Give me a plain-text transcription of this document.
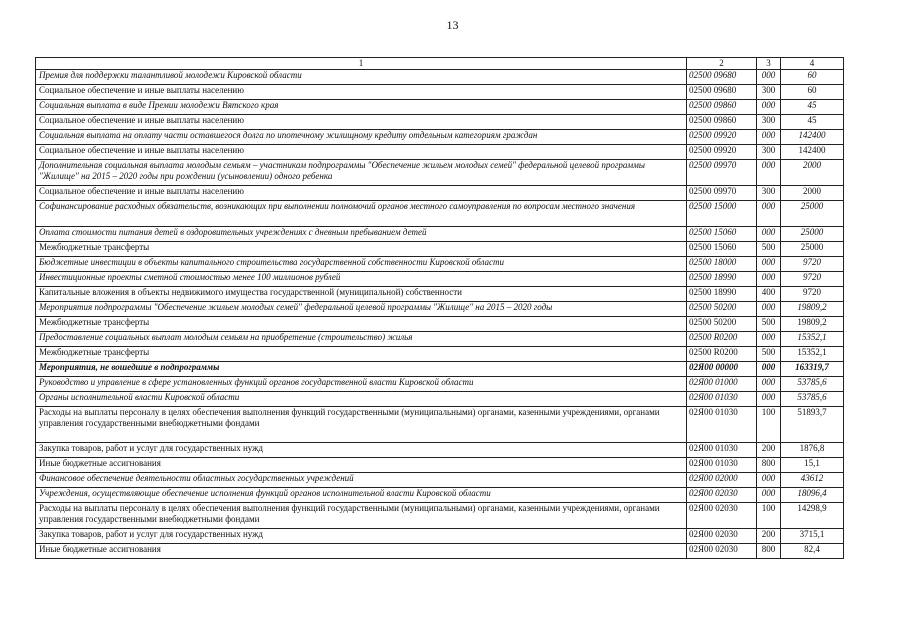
13
1	2	3	4
Премия для поддержки талантливой молодежи Кировской области	02500 09680	000	60
Социальное обеспечение и иные выплаты населению	02500 09680	300	60
Социальная выплата в виде Премии молодежи Вятского края	02500 09860	000	45
Социальное обеспечение и иные выплаты населению	02500 09860	300	45
Социальная выплата на оплату части оставшегося долга по ипотечному жилищному кредиту отдельным категориям граждан	02500 09920	000	142400
Социальное обеспечение и иные выплаты населению	02500 09920	300	142400
Дополнительная социальная выплата молодым семьям – участникам подпрограммы "Обеспечение жильем молодых семей" федеральной целевой программы "Жилище" на 2015 – 2020 годы при рождении (усыновлении) одного ребенка	02500 09970	000	2000
Социальное обеспечение и иные выплаты населению	02500 09970	300	2000
Софинансирование расходных обязательств, возникающих при выполнении полномочий органов местного самоуправления по вопросам местного значения	02500 15000	000	25000
Оплата стоимости питания детей в оздоровительных учреждениях с дневным пребыванием детей	02500 15060	000	25000
Межбюджетные трансферты	02500 15060	500	25000
Бюджетные инвестиции в объекты капитального строительства государственной собственности Кировской области	02500 18000	000	9720
Инвестиционные проекты сметной стоимостью менее 100 миллионов рублей	02500 18990	000	9720
Капитальные вложения в объекты недвижимого имущества государственной (муниципальной) собственности	02500 18990	400	9720
Мероприятия подпрограммы "Обеспечение жильем молодых семей" федеральной целевой программы "Жилище" на 2015 – 2020 годы	02500 50200	000	19809,2
Межбюджетные трансферты	02500 50200	500	19809,2
Предоставление социальных выплат молодым семьям на приобретение (строительство) жилья	02500 R0200	000	15352,1
Межбюджетные трансферты	02500 R0200	500	15352,1
Мероприятия, не вошедшие в подпрограммы	02Я00 00000	000	163319,7
Руководство и управление в сфере установленных функций органов государственной власти Кировской области	02Я00 01000	000	53785,6
Органы исполнительной власти Кировской области	02Я00 01030	000	53785,6
Расходы на выплаты персоналу в целях обеспечения выполнения функций государственными (муниципальными) органами, казенными учреждениями, органами управления государственными внебюджетными фондами	02Я00 01030	100	51893,7
Закупка товаров, работ и услуг для государственных нужд	02Я00 01030	200	1876,8
Иные бюджетные ассигнования	02Я00 01030	800	15,1
Финансовое обеспечение деятельности областных государственных учреждений	02Я00 02000	000	43612
Учреждения, осуществляющие обеспечение исполнения функций органов исполнительной власти Кировской области	02Я00 02030	000	18096,4
Расходы на выплаты персоналу в целях обеспечения выполнения функций государственными (муниципальными) органами, казенными учреждениями, органами управления государственными внебюджетными фондами	02Я00 02030	100	14298,9
Закупка товаров, работ и услуг для государственных нужд	02Я00 02030	200	3715,1
Иные бюджетные ассигнования	02Я00 02030	800	82,4
